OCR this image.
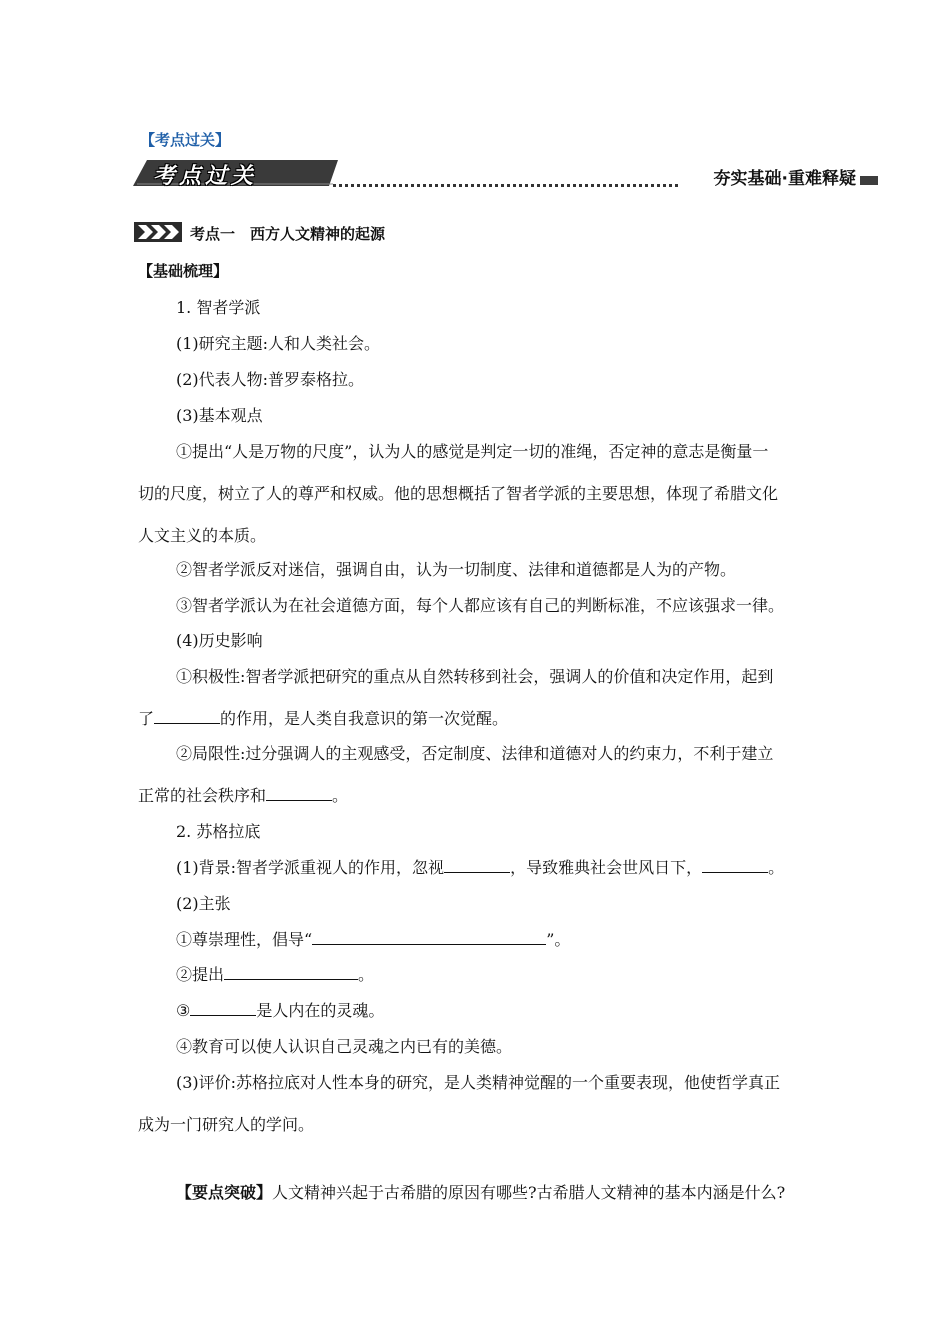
【考点过关】
考点过关	夯实基础·重难释疑
考点一　西方人文精神的起源
【基础梳理】
1. 智者学派
(1)研究主题:人和人类社会。
(2)代表人物:普罗泰格拉。
(3)基本观点
①提出“人是万物的尺度”，认为人的感觉是判定一切的准绳，否定神的意志是衡量一
切的尺度，树立了人的尊严和权威。他的思想概括了智者学派的主要思想，体现了希腊文化
人文主义的本质。
②智者学派反对迷信，强调自由，认为一切制度、法律和道德都是人为的产物。
③智者学派认为在社会道德方面，每个人都应该有自己的判断标准，不应该强求一律。
(4)历史影响
①积极性:智者学派把研究的重点从自然转移到社会，强调人的价值和决定作用，起到
了	的作用，是人类自我意识的第一次觉醒。
②局限性:过分强调人的主观感受，否定制度、法律和道德对人的约束力，不利于建立
正常的社会秩序和	。
2. 苏格拉底
(1)背景:智者学派重视人的作用，忽视	，导致雅典社会世风日下，	。
(2)主张
①尊崇理性，倡导“	”。
②提出	。
③	是人内在的灵魂。
④教育可以使人认识自己灵魂之内已有的美德。
(3)评价:苏格拉底对人性本身的研究，是人类精神觉醒的一个重要表现，他使哲学真正
成为一门研究人的学问。
【要点突破】人文精神兴起于古希腊的原因有哪些?古希腊人文精神的基本内涵是什么?
